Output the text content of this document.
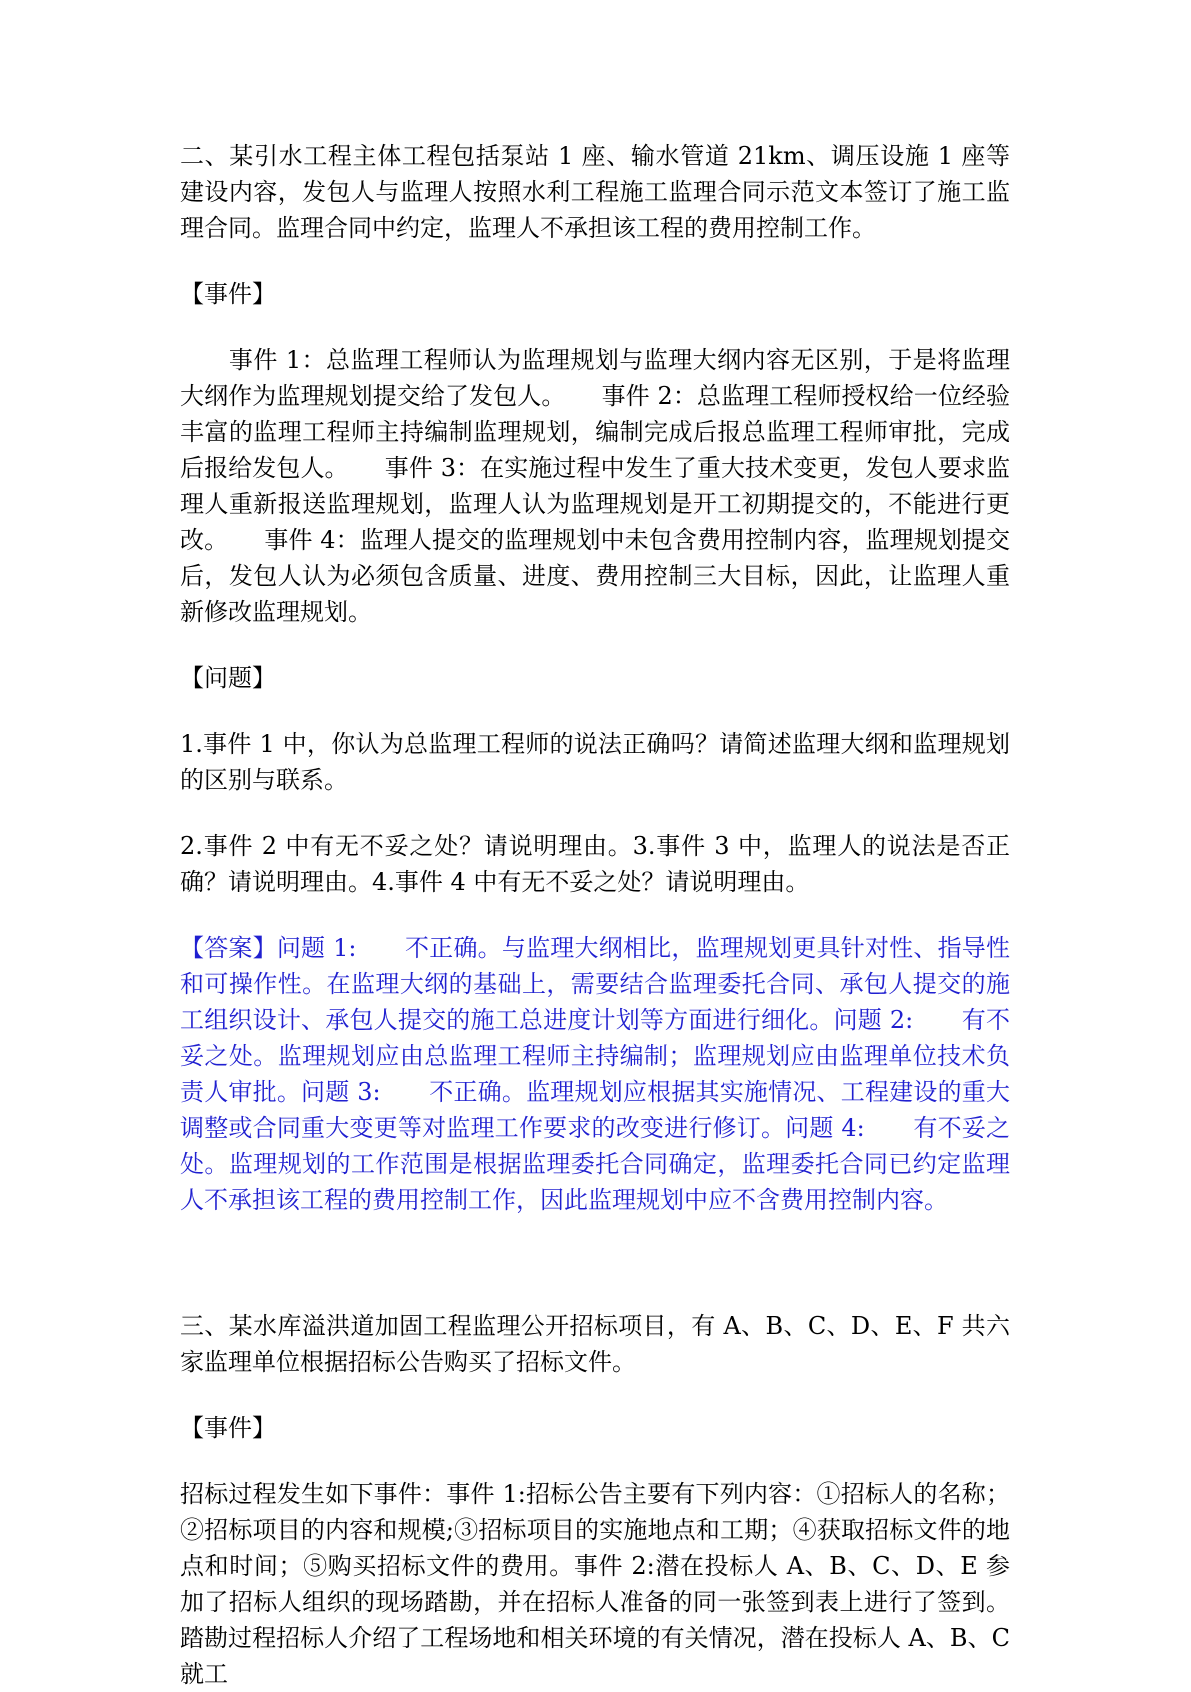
二、某引水工程主体工程包括泵站 1 座、输水管道 21km、调压设施 1 座等建设内容，发包人与监理人按照水利工程施工监理合同示范文本签订了施工监理合同。监理合同中约定，监理人不承担该工程的费用控制工作。

【事件】

　　事件 1：总监理工程师认为监理规划与监理大纲内容无区别，于是将监理大纲作为监理规划提交给了发包人。　　事件 2：总监理工程师授权给一位经验丰富的监理工程师主持编制监理规划，编制完成后报总监理工程师审批，完成后报给发包人。　　事件 3：在实施过程中发生了重大技术变更，发包人要求监理人重新报送监理规划，监理人认为监理规划是开工初期提交的，不能进行更改。　　事件 4：监理人提交的监理规划中未包含费用控制内容，监理规划提交后，发包人认为必须包含质量、进度、费用控制三大目标，因此，让监理人重新修改监理规划。

【问题】

1.事件 1 中，你认为总监理工程师的说法正确吗？请简述监理大纲和监理规划的区别与联系。

2.事件 2 中有无不妥之处？请说明理由。3.事件 3 中，监理人的说法是否正确？请说明理由。4.事件 4 中有无不妥之处？请说明理由。

【答案】问题 1:　　不正确。与监理大纲相比，监理规划更具针对性、指导性和可操作性。在监理大纲的基础上，需要结合监理委托合同、承包人提交的施工组织设计、承包人提交的施工总进度计划等方面进行细化。问题 2:　　有不妥之处。监理规划应由总监理工程师主持编制；监理规划应由监理单位技术负责人审批。问题 3:　　不正确。监理规划应根据其实施情况、工程建设的重大调整或合同重大变更等对监理工作要求的改变进行修订。问题 4:　　有不妥之处。监理规划的工作范围是根据监理委托合同确定，监理委托合同已约定监理人不承担该工程的费用控制工作，因此监理规划中应不含费用控制内容。

三、某水库溢洪道加固工程监理公开招标项目，有 A、B、C、D、E、F 共六家监理单位根据招标公告购买了招标文件。

【事件】

招标过程发生如下事件：事件 1:招标公告主要有下列内容：①招标人的名称；②招标项目的内容和规模;③招标项目的实施地点和工期；④获取招标文件的地点和时间；⑤购买招标文件的费用。事件 2:潜在投标人 A、B、C、D、E 参加了招标人组织的现场踏勘，并在招标人准备的同一张签到表上进行了签到。踏勘过程招标人介绍了工程场地和相关环境的有关情况，潜在投标人 A、B、C 就工
